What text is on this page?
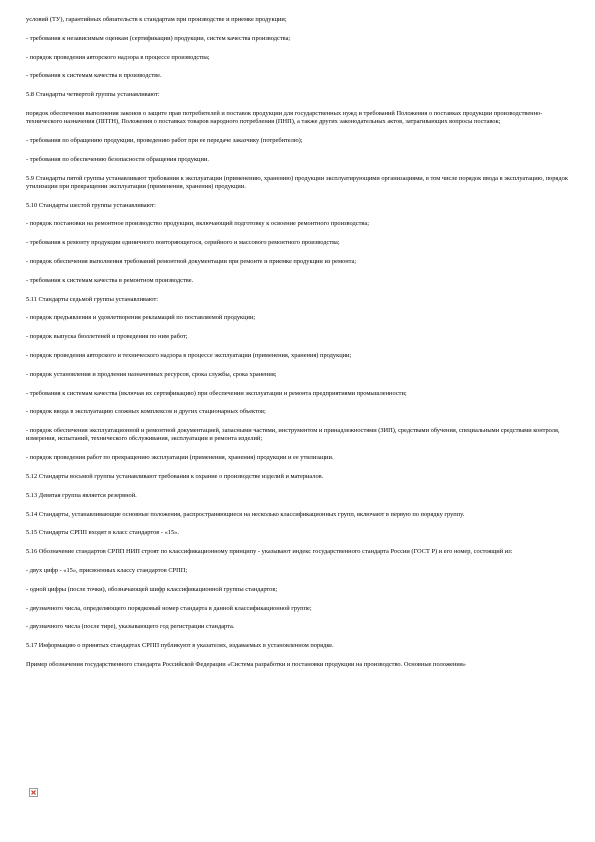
условий (ТУ), гарантийных обязательств к стандартам при производстве и приемке продукции;

- требования к независимым оценкам (сертификации) продукции, систем качества производства;

- порядок проведения авторского надзора в процессе производства;

- требования к системам качества в производстве.

5.8 Стандарты четвертой группы устанавливают:

порядок обеспечения выполнения законов о защите прав потребителей и поставок продукции для государственных нужд и требований Положения о поставках продукции производственно-технического назначения (ППТН), Положения о поставках товаров народного потребления (ПНП), а также других законодательных актов, затрагивающих вопросы поставок;

- требования по обращению продукции, проведению работ при ее передаче заказчику (потребителю);

- требования по обеспечению безопасности обращения продукции.

5.9 Стандарты пятой группы устанавливают требования к эксплуатации (применению, хранению) продукции эксплуатирующими организациями, в том числе порядок ввода в эксплуатацию, порядок утилизации при прекращении эксплуатации (применения, хранения) продукции.

5.10 Стандарты шестой группы устанавливают:

- порядок постановки на ремонтное производство продукции, включающий подготовку к освоение ремонтного производства;

- требования к ремонту продукции единичного повторяющегося, серийного и массового ремонтного производства;

- порядок обеспечения выполнения требований ремонтной документации при ремонте и приемке продукции из ремонта;

- требования к системам качества в ремонтном производстве.

5.11 Стандарты седьмой группы устанавливают:

- порядок предъявления и удовлетворения рекламаций по поставляемой продукции;

- порядок выпуска бюллетеней и проведения по ним работ;

- порядок проведения авторского и технического надзора в процессе эксплуатации (применения, хранения) продукции;

- порядок установления и продления назначенных ресурсов, срока службы, срока хранения;

- требования к системам качества (включая их сертификацию) при обеспечении эксплуатации и ремонта предприятиями промышленности;

- порядок ввода в эксплуатацию сложных комплексов и других стационарных объектов;

- порядок обеспечения эксплуатационной и ремонтной документацией, запасными частями, инструментом и принадлежностями (ЗИП), средствами обучения, специальными средствами контроля, измерения, испытаний, технического обслуживания, эксплуатации и ремонта изделий;

- порядок проведения работ по прекращению эксплуатации (применения, хранения) продукции и ее утилизации.

5.12 Стандарты восьмой группы устанавливают требования к охрание о производстве изделий и материалов.

5.13 Девятая группа является резервной.

5.14 Стандарты, устанавливающие основные положения, распространяющиеся на несколько классификационных групп, включают в первую по порядку группу.

5.15 Стандарты СРПП входят в класс стандартов - «15».

5.16 Обозначение стандартов СРПП НИП строят по классификационному принципу - указывают индекс государственного стандарта России (ГОСТ Р) и его номер, состоящий из:

- двух цифр - «15», присвоенных классу стандартов СРПП;

- одной цифры (после точки), обозначающей шифр классификационной группы стандартов;

- двузначного числа, определяющего порядковый номер стандарта в данной классификационной группе;

- двузначного числа (после тире), указывающего год регистрации стандарта.

5.17 Информацию о принятых стандартах СРПП публикуют в указателях, издаваемых в установленном порядке.

Пример обозначения государственного стандарта Российской Федерации «Система разработки и постановки продукции на производство. Основные положения»
